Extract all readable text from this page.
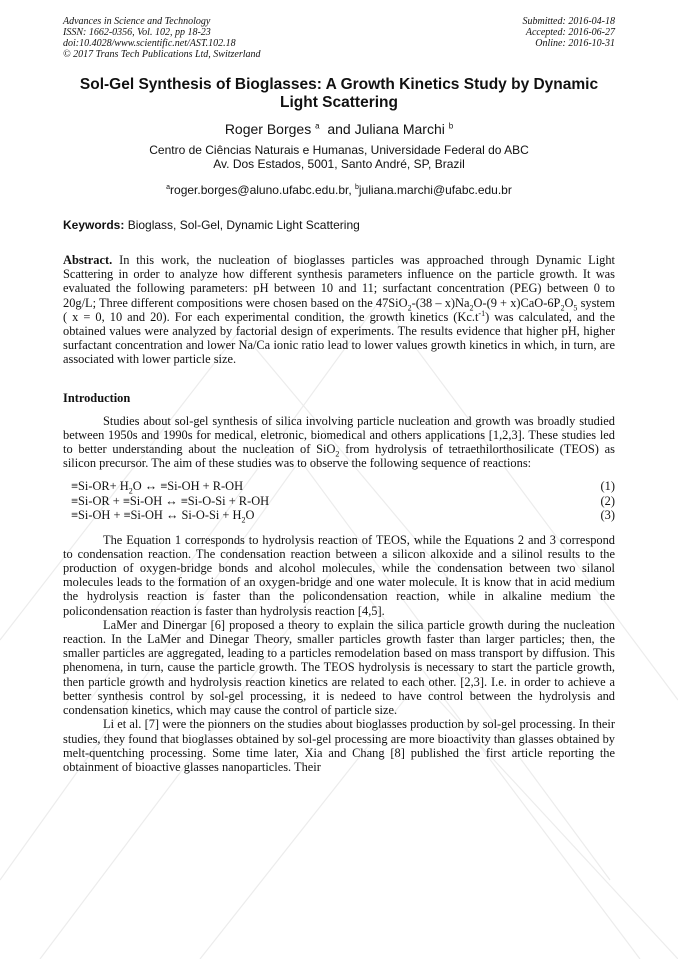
Advances in Science and Technology
ISSN: 1662-0356, Vol. 102, pp 18-23
doi:10.4028/www.scientific.net/AST.102.18
© 2017 Trans Tech Publications Ltd, Switzerland
Submitted: 2016-04-18
Accepted: 2016-06-27
Online: 2016-10-31
Sol-Gel Synthesis of Bioglasses: A Growth Kinetics Study by Dynamic Light Scattering
Roger Borges $^a$ and Juliana Marchi $^b$
Centro de Ciências Naturais e Humanas, Universidade Federal do ABC
Av. Dos Estados, 5001, Santo André, SP, Brazil
$^a$roger.borges@aluno.ufabc.edu.br, $^b$juliana.marchi@ufabc.edu.br
Keywords: Bioglass, Sol-Gel, Dynamic Light Scattering

Abstract. In this work, the nucleation of bioglasses particles was approached through Dynamic Light Scattering in order to analyze how different synthesis parameters influence on the particle growth. It was evaluated the following parameters: pH between 10 and 11; surfactant concentration (PEG) between 0 to 20g/L; Three different compositions were chosen based on the $47SiO_2-(38 - x)Na_2O-(9 + x)CaO-6P_2O_5$ system ( x = 0, 10 and 20). For each experimental condition, the growth kinetics $(Kc.t^{-1})$ was calculated, and the obtained values were analyzed by factorial design of experiments. The results evidence that higher pH, higher surfactant concentration and lower Na/Ca ionic ratio lead to lower values growth kinetics in which, in turn, are associated with lower particle size.

Introduction

Studies about sol-gel synthesis of silica involving particle nucleation and growth was broadly studied between 1950s and 1990s for medical, eletronic, biomedical and others applications [1,2,3]. These studies led to better understanding about the nucleation of SiO$_2$ from hydrolysis of tetraethilorthosilicate (TEOS) as silicon precursor. The aim of these studies was to observe the following sequence of reactions:

$\equiv Si-OR+ H_2O$ ↔ ≡Si-OH + R-OH	(1)
≡Si-OR + ≡Si-OH ↔ ≡Si-O-Si + R-OH	(2)
≡Si-OH + ≡Si-OH ↔ $Si-O-Si + H_2O$	(3)

The Equation 1 corresponds to hydrolysis reaction of TEOS, while the Equations 2 and 3 correspond to condensation reaction. The condensation reaction between a silicon alkoxide and a silinol results to the production of oxygen-bridge bonds and alcohol molecules, while the condensation between two silanol molecules leads to the formation of an oxygen-bridge and one water molecule. It is know that in acid medium the hydrolysis reaction is faster than the policondensation reaction, while in alkaline medium the policondensation reaction is faster than hydrolysis reaction [4,5].

LaMer and Dinergar [6] proposed a theory to explain the silica particle growth during the nucleation reaction. In the LaMer and Dinegar Theory, smaller particles growth faster than larger particles; then, the smaller particles are aggregated, leading to a particles remodelation based on mass transport by diffusion. This phenomena, in turn, cause the particle growth. The TEOS hydrolysis is necessary to start the particle growth, then particle growth and hydrolysis reaction kinetics are related to each other. [2,3]. I.e. in order to achieve a better synthesis control by sol-gel processing, it is nedeed to have control between the hydrolysis and condensation kinetics, which may cause the control of particle size.

Li et al. [7] were the pionners on the studies about bioglasses production by sol-gel processing. In their studies, they found that bioglasses obtained by sol-gel processing are more bioactivity than glasses obtained by melt-quentching processing. Some time later, Xia and Chang [8] published the first article reporting the obtainment of bioactive glasses nanoparticles. Their
